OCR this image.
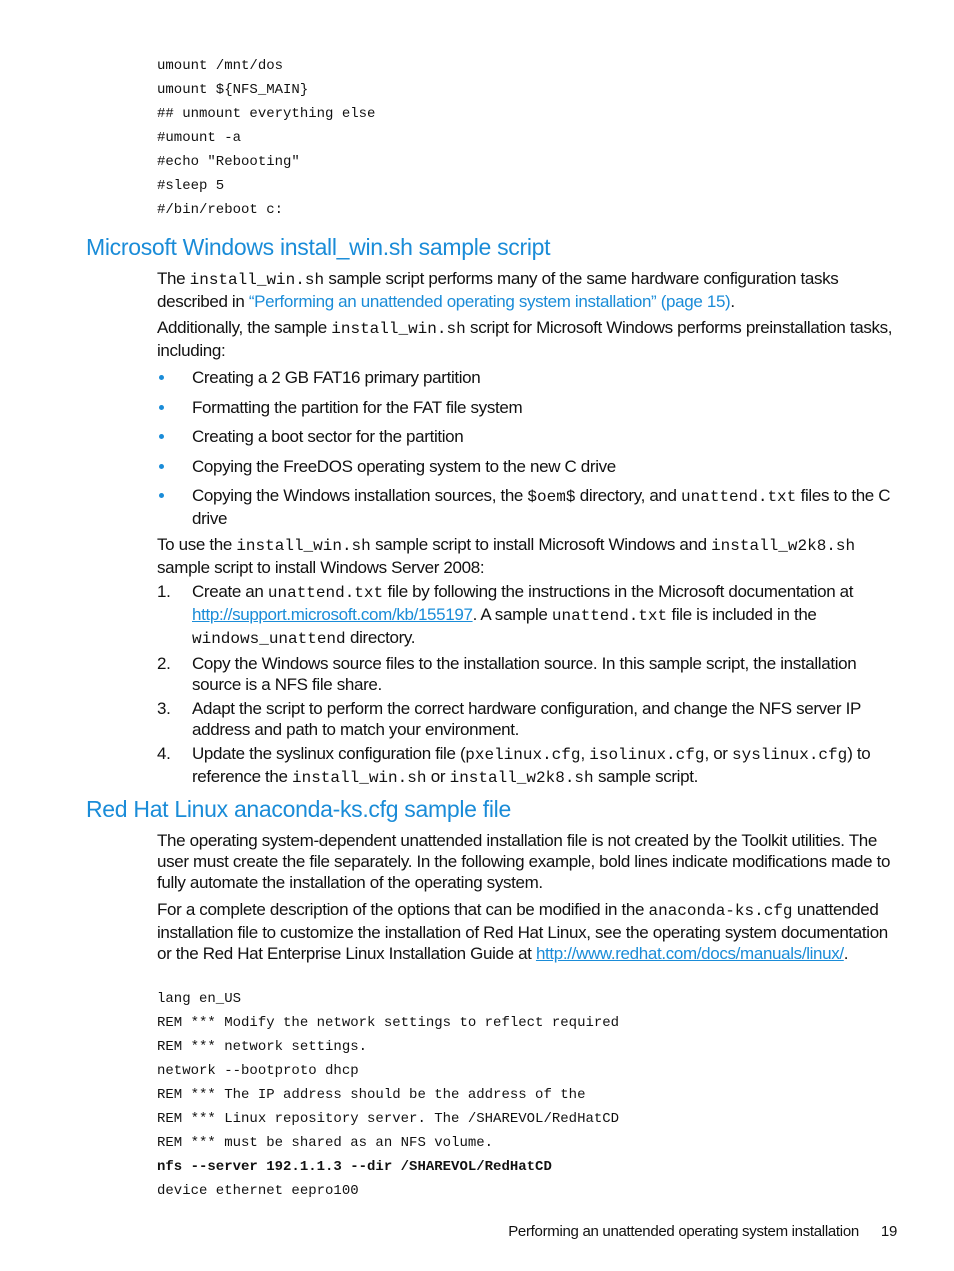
umount /mnt/dos
umount ${NFS_MAIN}
## unmount everything else
#umount -a
#echo "Rebooting"
#sleep 5
#/bin/reboot c:
Microsoft Windows install_win.sh sample script

The install_win.sh sample script performs many of the same hardware configuration tasks described in “Performing an unattended operating system installation” (page 15).

Additionally, the sample install_win.sh script for Microsoft Windows performs preinstallation tasks, including:

Creating a 2 GB FAT16 primary partition
Formatting the partition for the FAT file system
Creating a boot sector for the partition
Copying the FreeDOS operating system to the new C drive
Copying the Windows installation sources, the $oem$ directory, and unattend.txt files to the C drive

To use the install_win.sh sample script to install Microsoft Windows and install_w2k8.sh sample script to install Windows Server 2008:

1. Create an unattend.txt file by following the instructions in the Microsoft documentation at http://support.microsoft.com/kb/155197. A sample unattend.txt file is included in the windows_unattend directory.
2. Copy the Windows source files to the installation source. In this sample script, the installation source is a NFS file share.
3. Adapt the script to perform the correct hardware configuration, and change the NFS server IP address and path to match your environment.
4. Update the syslinux configuration file (pxelinux.cfg, isolinux.cfg, or syslinux.cfg) to reference the install_win.sh or install_w2k8.sh sample script.
Red Hat Linux anaconda-ks.cfg sample file

The operating system-dependent unattended installation file is not created by the Toolkit utilities. The user must create the file separately. In the following example, bold lines indicate modifications made to fully automate the installation of the operating system.

For a complete description of the options that can be modified in the anaconda-ks.cfg unattended installation file to customize the installation of Red Hat Linux, see the operating system documentation or the Red Hat Enterprise Linux Installation Guide at http://www.redhat.com/docs/manuals/linux/.

lang en_US
REM *** Modify the network settings to reflect required
REM *** network settings.
network --bootproto dhcp
REM *** The IP address should be the address of the
REM *** Linux repository server. The /SHAREVOL/RedHatCD
REM *** must be shared as an NFS volume.
nfs --server 192.1.1.3 --dir /SHAREVOL/RedHatCD
device ethernet eepro100
Performing an unattended operating system installation 19
